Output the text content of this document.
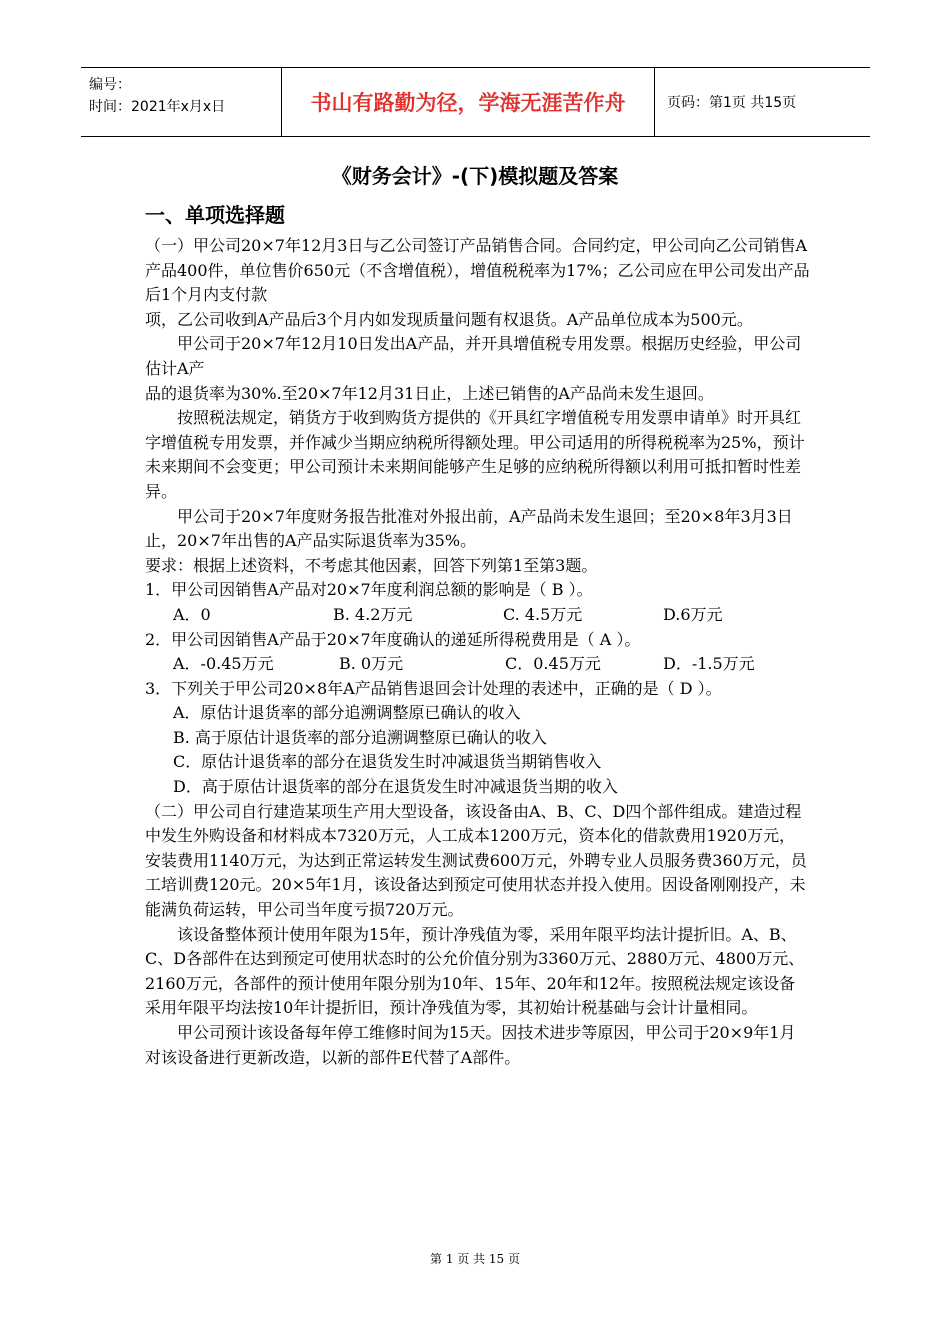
编号：
时间：2021年x月x日	书山有路勤为径，学海无涯苦作舟	页码：第1页 共15页
《财务会计》-(下)模拟题及答案
一、单项选择题

（一）甲公司20×7年12月3日与乙公司签订产品销售合同。合同约定，甲公司向乙公司销售A产品400件，单位售价650元（不含增值税），增值税税率为17%；乙公司应在甲公司发出产品后1个月内支付款

项，乙公司收到A产品后3个月内如发现质量问题有权退货。A产品单位成本为500元。

甲公司于20×7年12月10日发出A产品，并开具增值税专用发票。根据历史经验，甲公司估计A产

品的退货率为30%.至20×7年12月31日止，上述已销售的A产品尚未发生退回。

按照税法规定，销货方于收到购货方提供的《开具红字增值税专用发票申请单》时开具红字增值税专用发票，并作减少当期应纳税所得额处理。甲公司适用的所得税税率为25%，预计未来期间不会变更；甲公司预计未来期间能够产生足够的应纳税所得额以利用可抵扣暂时性差异。

甲公司于20×7年度财务报告批准对外报出前，A产品尚未发生退回；至20×8年3月3日止，20×7年出售的A产品实际退货率为35%。

要求：根据上述资料，不考虑其他因素，回答下列第1至第3题。

1．甲公司因销售A产品对20×7年度利润总额的影响是（ B ）。

A．0	B. 4.2万元	C. 4.5万元	D.6万元

2．甲公司因销售A产品于20×7年度确认的递延所得税费用是（ A ）。

A．-0.45万元	B. 0万元	C．0.45万元	D．-1.5万元

3．下列关于甲公司20×8年A产品销售退回会计处理的表述中，正确的是（ D ）。

A．原估计退货率的部分追溯调整原已确认的收入

B. 高于原估计退货率的部分追溯调整原已确认的收入

C．原估计退货率的部分在退货发生时冲减退货当期销售收入

D．高于原估计退货率的部分在退货发生时冲减退货当期的收入

（二）甲公司自行建造某项生产用大型设备，该设备由A、B、C、D四个部件组成。建造过程中发生外购设备和材料成本7320万元，人工成本1200万元，资本化的借款费用1920万元，安装费用1140万元，为达到正常运转发生测试费600万元，外聘专业人员服务费360万元，员工培训费120元。20×5年1月，该设备达到预定可使用状态并投入使用。因设备刚刚投产，未能满负荷运转，甲公司当年度亏损720万元。

该设备整体预计使用年限为15年，预计净残值为零，采用年限平均法计提折旧。A、B、C、D各部件在达到预定可使用状态时的公允价值分别为3360万元、2880万元、4800万元、2160万元，各部件的预计使用年限分别为10年、15年、20年和12年。按照税法规定该设备采用年限平均法按10年计提折旧，预计净残值为零，其初始计税基础与会计计量相同。

甲公司预计该设备每年停工维修时间为15天。因技术进步等原因，甲公司于20×9年1月对该设备进行更新改造，以新的部件E代替了A部件。

第 1 页 共 15 页
